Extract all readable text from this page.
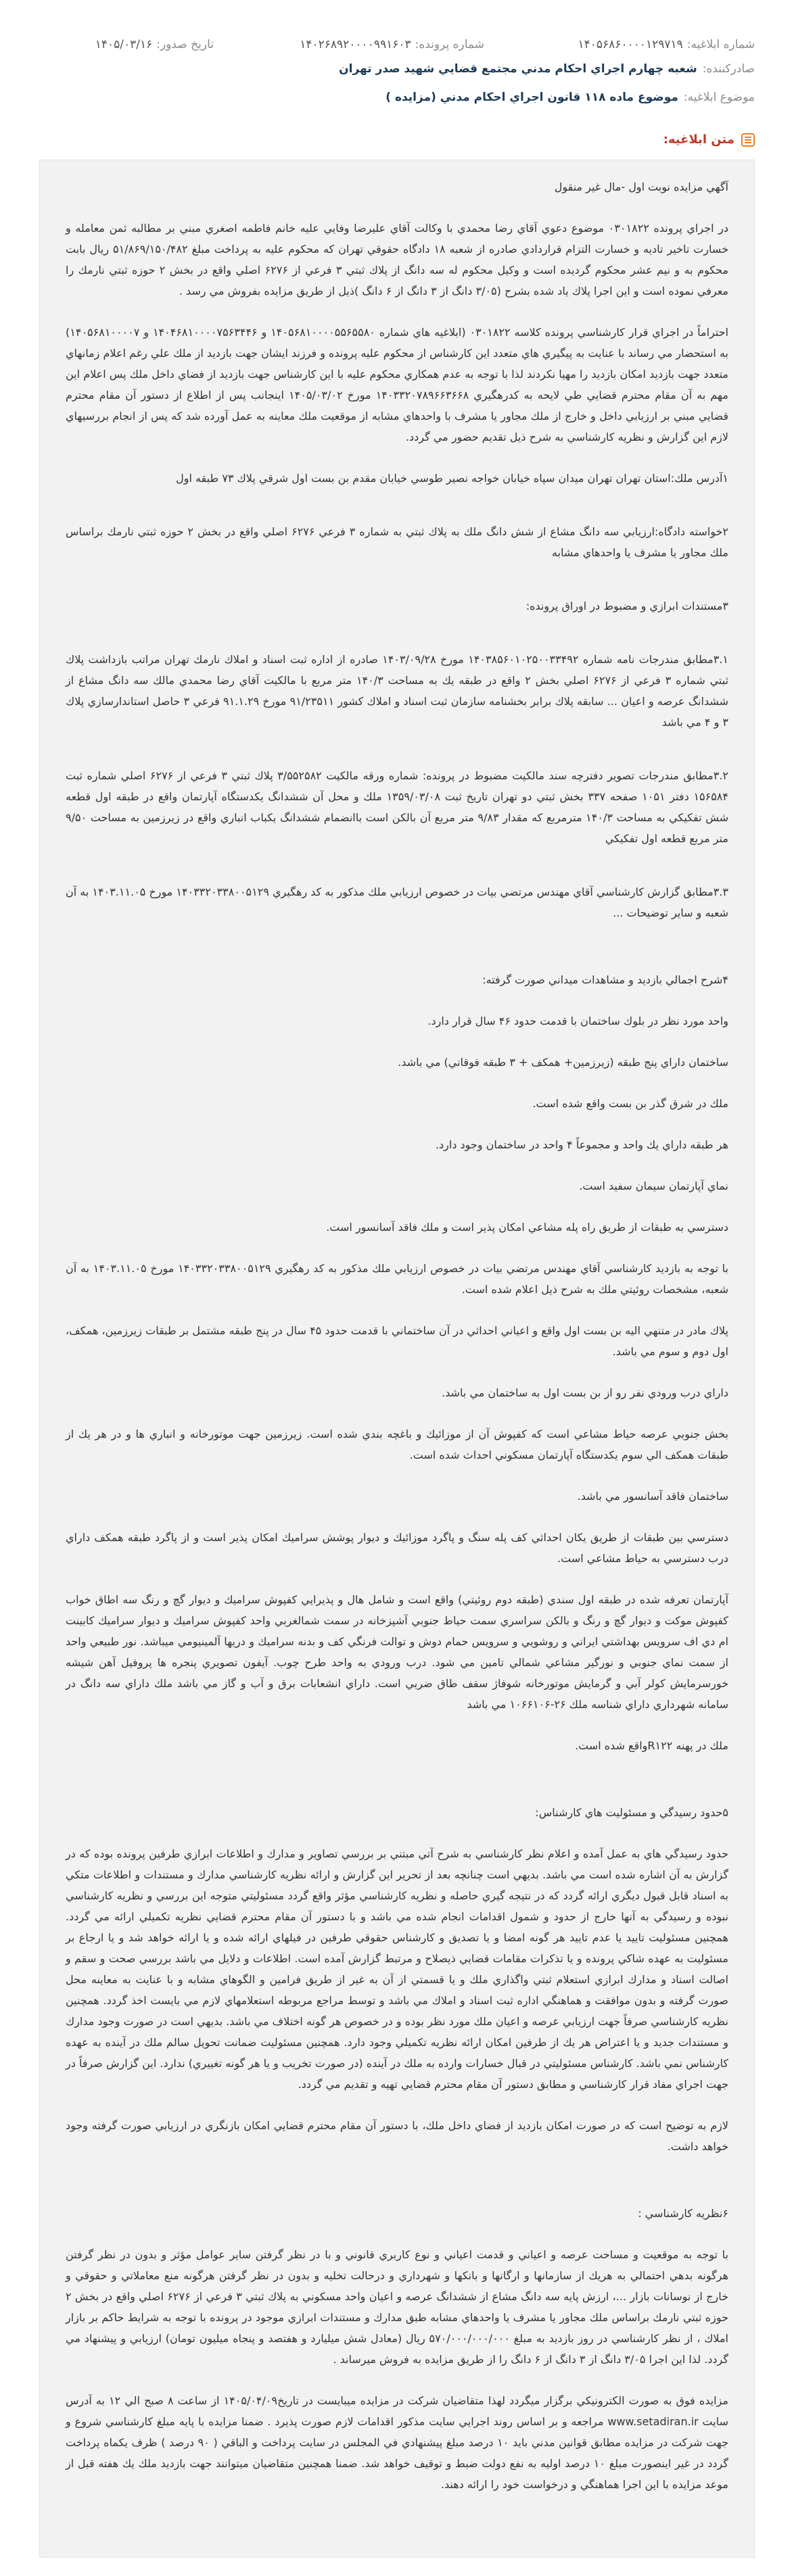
شماره ابلاغيه:
۱۴۰۵۶۸۶۰۰۰۰۱۲۹۷۱۹
شماره پرونده:
۱۴۰۲۶۸۹۲۰۰۰۰۹۹۱۶۰۳
تاريخ صدور:
۱۴۰۵/۰۳/۱۶
صادرکننده:
شعبه چهارم اجراي احكام مدني مجتمع قضايي شهيد صدر تهران
موضوع ابلاغيه:
موضوع ماده ۱۱۸ قانون اجراي احكام مدني (مزايده )
متن ابلاغيه:

آگهي مزايده نوبت اول -مال غير منقول

در اجراي پرونده ۰۳۰۱۸۲۲ موضوع دعوي آقاي رضا محمدي با وکالت آقاي عليرضا وفايي عليه خانم فاطمه اصغري مبني بر مطالبه ثمن معامله و خسارت تاخير تاديه و خسارت التزام قراردادي صادره از شعبه ۱۸ دادگاه حقوقي تهران كه محكوم عليه به پرداخت مبلغ ۵۱/۸۶۹/۱۵۰/۴۸۲ ريال بابت محكوم به و نيم عشر محكوم گرديده است و وكيل محكوم له سه دانگ از پلاك ثبتي ۳ فرعي از ۶۲۷۶ اصلي واقع در بخش ۲ حوزه ثبتي نارمك را معرفي نموده است و اين اجرا پلاك ياد شده بشرح (۳/۰۵ دانگ از ۳ دانگ از ۶ دانگ )ذيل از طريق مزايده بفروش مي رسد .

احتراماً در اجراي قرار كارشناسي پرونده كلاسه ۰۳۰۱۸۲۲ (ابلاغيه هاي شماره ۱۴۰۵۶۸۱۰۰۰۰۵۵۶۵۵۸۰ و ۱۴۰۴۶۸۱۰۰۰۰۷۵۶۳۴۴۶ و ۱۴۰۵۶۸۱۰۰۰۰۷) به استحضار مي رساند با عنايت به پيگيري هاي متعدد اين كارشناس از محكوم عليه پرونده و فرزند ايشان جهت بازديد از ملك علي رغم اعلام زمانهاي متعدد جهت بازديد امكان بازديد را مهيا نكردند لذا با توجه به عدم همكاري محكوم عليه با اين كارشناس جهت بازديد از فضاي داخل ملك پس اعلام اين مهم به آن مقام محترم قضايي طي لايحه به كدرهگيري ۱۴۰۳۳۲۰۷۸۹۶۶۳۶۶۸ مورخ ۱۴۰۵/۰۳/۰۲ اينجانب پس از اطلاع از دستور آن مقام محترم قضايي مبني بر ارزيابي داخل و خارج از ملك مجاور يا مشرف با واحدهاي مشابه از موقعيت ملك معاينه به عمل آورده شد كه پس از انجام بررسيهاي لازم اين گزارش و نظريه كارشناسي به شرح ذيل تقديم حضور مي گردد.

۱آدرس ملك:استان تهران تهران ميدان سپاه خيابان خواجه نصير طوسي خيابان مقدم بن بست اول شرقي پلاك ۷۳ طبقه اول

۲خواسته دادگاه:ارزيابي سه دانگ مشاع از شش دانگ ملك به پلاك ثبتي به شماره ۳ فرعي ۶۲۷۶ اصلي واقع در بخش ۲ حوزه ثبتي نارمك براساس ملك مجاور يا مشرف يا واحدهاي مشابه

۳مستندات ابرازي و مضبوط در اوراق پرونده:

۳.۱مطابق مندرجات نامه شماره ۱۴۰۳۸۵۶۰۱۰۲۵۰۰۳۳۴۹۲ مورخ ۱۴۰۳/۰۹/۲۸ صادره از اداره ثبت اسناد و املاك نارمك تهران مراتب بازداشت پلاك ثبتي شماره ۳ فرعي از ۶۲۷۶ اصلي بخش ۲ واقع در طبقه يك به مساحت ۱۴۰/۳ متر مربع با مالكيت آقاي رضا محمدي مالك سه دانگ مشاع از ششدانگ عرصه و اعيان ... سابقه پلاك برابر بخشنامه سازمان ثبت اسناد و املاك كشور ۹۱/۲۳۵۱۱ مورخ ۹۱.۱.۲۹ فرعي ۳ حاصل استاندارسازي پلاك ۳ و ۴ مي باشد

۳.۲مطابق مندرجات تصوير دفترچه سند مالكيت مضبوط در پرونده: شماره ورقه مالكيت ۳/۵۵۲۵۸۲ پلاك ثبتي ۳ فرعي از ۶۲۷۶ اصلي شماره ثبت ۱۵۶۵۸۴ دفتر ۱۰۵۱ صفحه ۳۳۷ بخش ثبتي دو تهران تاريخ ثبت ۱۳۵۹/۰۳/۰۸ ملك و محل آن ششدانگ يكدستگاه آپارتمان واقع در طبقه اول قطعه شش تفكيكي به مساحت ۱۴۰/۳ مترمربع كه مقدار ۹/۸۳ متر مربع آن بالكن است باانضمام ششدانگ يكباب انباري واقع در زيرزمين به مساحت ۹/۵۰ متر مربع قطعه اول تفكيكي

۳.۳مطابق گزارش كارشناسي آقاي مهندس مرتضي بيات در خصوص ارزيابي ملك مذكور به كد رهگيري ۱۴۰۳۳۲۰۳۳۸۰۰۵۱۲۹ مورخ ۱۴۰۳.۱۱.۰۵ به آن شعبه و ساير توضيحات ...

۴شرح اجمالي بازديد و مشاهدات ميداني صورت گرفته:

واحد مورد نظر در بلوك ساختمان با قدمت حدود ۴۶ سال قرار دارد.

ساختمان داراي پنج طبقه (زيرزمين+ همكف + ۳ طبقه فوقاني) مي باشد.

ملك در شرق گذر بن بست واقع شده است.

هر طبقه داراي يك واحد و مجموعاً ۴ واحد در ساختمان وجود دارد.

نماي آپارتمان سيمان سفيد است.

دسترسي به طبقات از طريق راه پله مشاعي امكان پذير است و ملك فاقد آسانسور است.

با توجه به بازديد كارشناسي آقاي مهندس مرتضي بيات در خصوص ارزيابي ملك مذكور به كد رهگيري ۱۴۰۳۳۲۰۳۳۸۰۰۵۱۲۹ مورخ ۱۴۰۳.۱۱.۰۵ به آن شعبه، مشخصات روئيتي ملك به شرح ذيل اعلام شده است.

پلاك مادر در متنهي اليه بن بست اول واقع و اعياني احداثي در آن ساختماني با قدمت حدود ۴۵ سال در پنج طبقه مشتمل بر طبقات زيرزمين، همكف، اول دوم و سوم مي باشد.

داراي درب ورودي نفر رو از بن بست اول به ساختمان مي باشد.

بخش جنوبي عرصه حياط مشاعي است كه كفپوش آن از موزائيك و باغچه بندي شده است. زيرزمين جهت موتورخانه و انباري ها و در هر يك از طبقات همكف الي سوم يكدستگاه آپارتمان مسكوني احداث شده است.

ساختمان فاقد آسانسور مي باشد.

دسترسي بين طبقات از طريق يكان احداثي كف پله سنگ و پاگرد موزائيك و ديوار پوشش سراميك امكان پذير است و از پاگرد طبقه همكف داراي درب دسترسي به حياط مشاعي است.

آپارتمان تعرفه شده در طبقه اول سندي (طبقه دوم روئيتي) واقع است و شامل هال و پذيرايي كفپوش سراميك و ديوار گچ و رنگ سه اطاق خواب كفپوش موكت و ديوار گچ و رنگ و بالكن سراسري سمت حياط جنوبي آشپزخانه در سمت شمالغربي واحد كفپوش سراميك و ديوار سراميك كابينت ام دي اف سرويس بهداشتي ايراني و روشويي و سرويس حمام دوش و توالت فرنگي كف و بدنه سراميك و دريها آلمينيومي ميباشد. نور طبيعي واحد از سمت نماي جنوبي و نورگير مشاعي شمالي تامين مي شود. درب ورودي به واحد طرح چوب. آيفون تصويري پنجره ها پروفيل آهن شيشه خورسرمايش كولر آبي و گرمايش موتورخانه شوفاژ سقف طاق ضربي است. داراي انشعابات برق و آب و گاز مي باشد ملك داراي سه دانگ در سامانه شهرداري داراي شناسه ملك ۲۶-۱۰۶۶۱۰۶ مي باشد

ملك در پهنه R۱۲۲واقع شده است.

۵حدود رسيدگي و مسئوليت هاي كارشناس:

حدود رسيدگي هاي به عمل آمده و اعلام نظر كارشناسي به شرح آتي مبتني بر بررسي تصاوير و مدارك و اطلاعات ابرازي طرفين پرونده بوده كه در گزارش به آن اشاره شده است مي باشد. بديهي است چنانچه بعد از تحرير اين گزارش و ارائه نظريه كارشناسي مدارك و مستندات و اطلاعات متكي به اسناد قابل قبول ديگري ارائه گردد كه در نتيجه گيري حاصله و نظريه كارشناسي مؤثر واقع گردد مسئوليتي متوجه اين بررسي و نظريه كارشناسي نبوده و رسيدگي به آنها خارج از حدود و شمول اقدامات انجام شده مي باشد و با دستور آن مقام محترم قضايي نظريه تكميلي ارائه مي گردد. همچنين مسئوليت تاييد يا عدم تاييد هر گونه امضا و يا تصديق و كارشناس حقوقي طرفين در فيلهاي ارائه شده و يا ارائه خواهد شد و يا ارجاع بر مسئوليت به عهده شاكي پرونده و يا تذكرات مقامات قضايي ذيصلاح و مرتبط گزارش آمده است. اطلاعات و دلايل مي باشد بررسي صحت و سقم و اصالت اسناد و مدارك ابرازي استعلام ثبتي واگذاري ملك و يا قسمتي از آن به غير از طريق فرامين و الگوهاي مشابه و با عنايت به معاينه محل صورت گرفته و بدون موافقت و هماهنگي اداره ثبت اسناد و املاك مي باشد و توسط مراجع مربوطه استعلامهاي لازم مي بايست اخذ گردد. همچنين نظريه كارشناسي صرفاً جهت ارزيابي عرصه و اعيان ملك مورد نظر بوده و در خصوص هر گونه اختلاف مي باشد. بديهي است در صورت وجود مدارك و مستندات جديد و يا اعتراض هر يك از طرفين امكان ارائه نظريه تكميلي وجود دارد. همچنين مسئوليت ضمانت تحويل سالم ملك در آينده به عهده كارشناس نمي باشد. كارشناس مسئوليتي در قبال خسارات وارده به ملك در آينده (در صورت تخريب و يا هر گونه تغييري) ندارد. اين گزارش صرفاً در جهت اجراي مفاد قرار كارشناسي و مطابق دستور آن مقام محترم قضايي تهيه و تقديم مي گردد.

لازم به توضيح است كه در صورت امكان بازديد از فضاي داخل ملك، با دستور آن مقام محترم قضايي امكان بازنگري در ارزيابي صورت گرفته وجود خواهد داشت.

۶نظريه كارشناسي :

با توجه به موقعيت و مساحت عرصه و اعياني و قدمت اعياني و نوع كاربري قانوني و با در نظر گرفتن ساير عوامل مؤثر و بدون در نظر گرفتن هرگونه بدهي احتمالي به هريك از سازمانها و ارگانها و بانكها و شهرداري و درحالت تخليه و بدون در نظر گرفتن هرگونه منع معاملاتي و حقوقي و خارج از نوسانات بازار ...، ارزش پايه سه دانگ مشاع از ششدانگ عرصه و اعيان واحد مسكوني به پلاك ثبتي ۳ فرعي از ۶۲۷۶ اصلي واقع در بخش ۲ حوزه ثبتي نارمك براساس ملك مجاور يا مشرف يا واحدهاي مشابه طبق مدارك و مستندات ابرازي موجود در پرونده با توجه به شرايط حاكم بر بازار املاك ، از نظر كارشناسي در روز بازديد به مبلغ ۵۷۰/۰۰۰/۰۰۰/۰۰۰ ريال (معادل شش ميليارد و هفتصد و پنجاه ميليون تومان) ارزيابي و پيشنهاد مي گردد. لذا اين اجرا ۳/۰۵ دانگ از ۳ دانگ از ۶ دانگ را از طريق مزايده به فروش ميرساند .

مزايده فوق به صورت الكترونيكي برگزار ميگردد لهذا متقاضيان شركت در مزايده ميبايست در تاريخ۱۴۰۵/۰۴/۰۹ از ساعت ۸ صبح الي ۱۲ به آدرس سايت www.setadiran.ir مراجعه و بر اساس روند اجرايي سايت مذكور اقدامات لازم صورت پذيرد . ضمنا مزايده با پايه مبلغ كارشناسي شروع و جهت شركت در مزايده مطابق قوانين مدني بايد ۱۰ درصد مبلغ پيشنهادي في المجلس در سايت پرداخت و الباقي ( ۹۰ درصد ) ظرف يكماه پرداخت گردد در غير اينصورت مبلغ ۱۰ درصد اوليه به نفع دولت ضبط و توقيف خواهد شد. ضمنا همچنين متقاضيان ميتوانند جهت بازديد ملك يك هفته قبل از موعد مزايده با اين اجرا هماهنگي و درخواست خود را ارائه دهند.
